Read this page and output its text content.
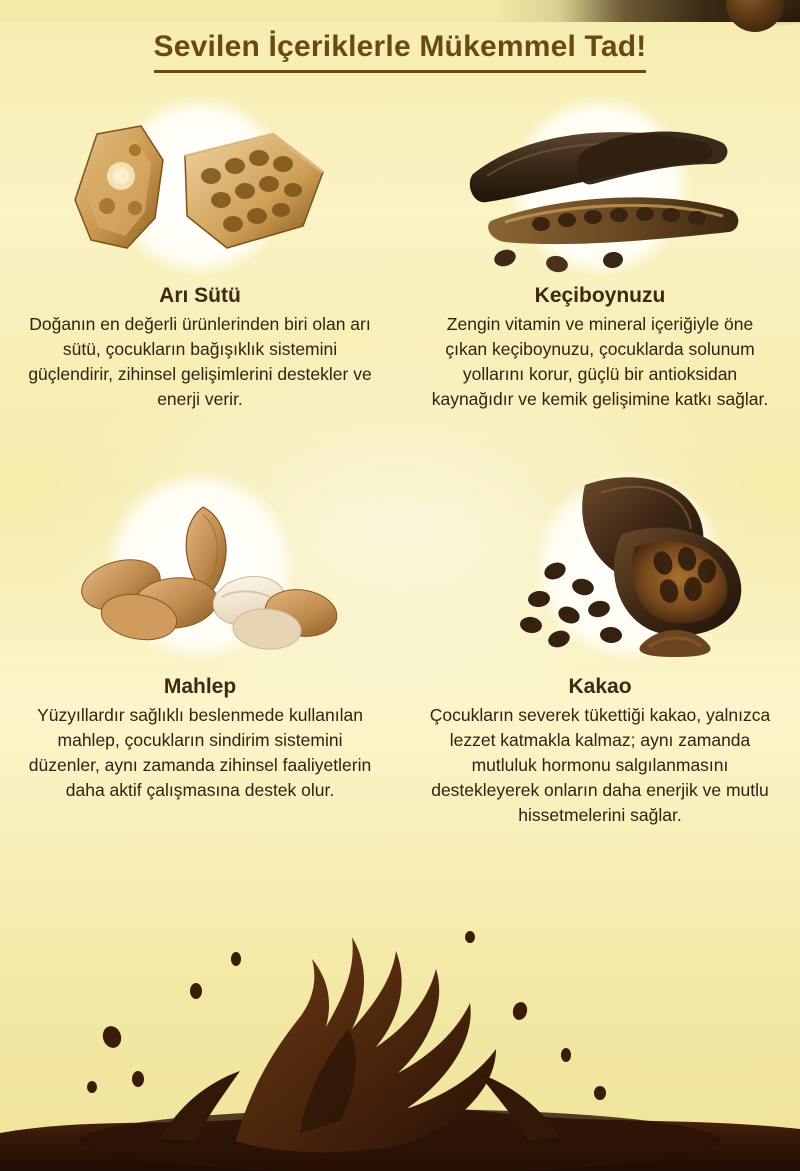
Sevilen İçeriklerle Mükemmel Tad!
Arı Sütü

Doğanın en değerli ürünlerinden biri olan arı sütü, çocukların bağışıklık sistemini güçlendirir, zihinsel gelişimlerini destekler ve enerji verir.

Keçiboynuzu

Zengin vitamin ve mineral içeriğiyle öne çıkan keçiboynuzu, çocuklarda solunum yollarını korur, güçlü bir antioksidan kaynağıdır ve kemik gelişimine katkı sağlar.

Mahlep

Yüzyıllardır sağlıklı beslenmede kullanılan mahlep, çocukların sindirim sistemini düzenler, aynı zamanda zihinsel faaliyetlerin daha aktif çalışmasına destek olur.

Kakao

Çocukların severek tükettiği kakao, yalnızca lezzet katmakla kalmaz; aynı zamanda mutluluk hormonu salgılanmasını destekleyerek onların daha enerjik ve mutlu hissetmelerini sağlar.
